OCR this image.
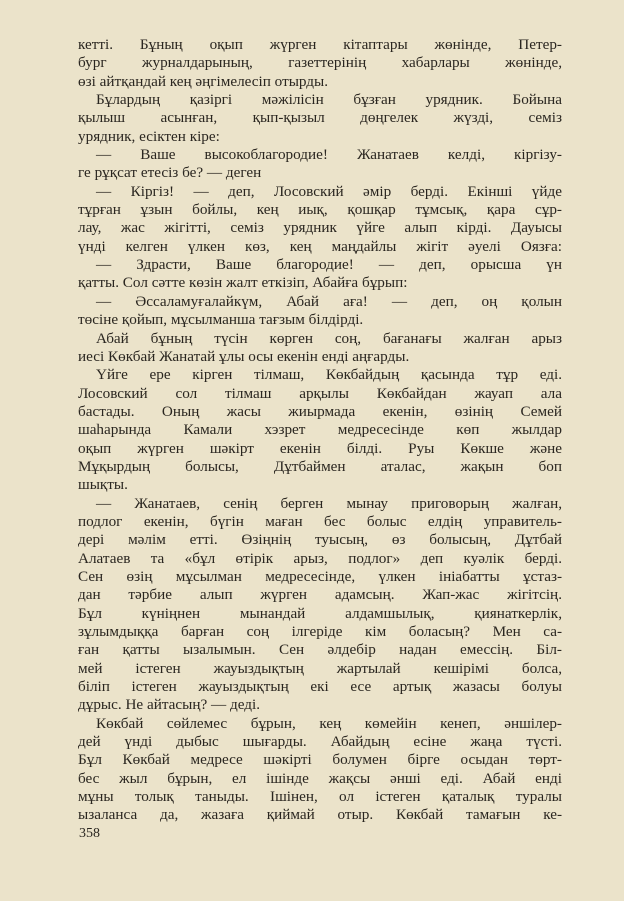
кетті. Бұның оқып жүрген кітаптары жөнінде, Петер-
бург журналдарының, газеттерінің хабарлары жөнінде,
өзі айтқандай кең әңгімелесіп отырды.
Бұлардың қазіргі мәжілісін бұзған урядник. Бойына
қылыш асынған, қып-қызыл дөңгелек жүзді, семіз
урядник, есіктен кіре:
— Ваше высокоблагородие! Жанатаев келді, кіргізу-
ге рұқсат етесіз бе? — деген
— Кіргіз! — деп, Лосовский әмір берді. Екінші үйде
тұрған ұзын бойлы, кең иық, қошқар тұмсық, қара сұр-
лау, жас жігітті, семіз урядник үйге алып кірді. Дауысы
үнді келген үлкен көз, кең маңдайлы жігіт әуелі Оязға:
— Здрасти, Ваше благородие! — деп, орысша үн
қатты. Сол сәтте көзін жалт еткізіп, Абайға бұрып:
— Әссаламуғалайкүм, Абай аға! — деп, оң қолын
төсіне қойып, мұсылманша тағзым білдірді.
Абай бұның түсін көрген соң, бағанағы жалған арыз
иесі Көкбай Жанатай ұлы осы екенін енді аңғарды.
Үйге ерe кірген тілмаш, Көкбайдың қасында тұр еді.
Лосовский сол тілмаш арқылы Көкбайдан жауап ала
бастады. Оның жасы жиырмада екенін, өзінің Семей
шаһарында Камали хэзрет медресесінде көп жылдар
оқып жүрген шәкірт екенін білді. Руы Көкше және
Мұқырдың болысы, Дұтбаймен аталас, жақын боп
шықты.
— Жанатаев, сенің берген мынау приговорың жалған,
подлог екенін, бүгін маған бес болыс елдің управитель-
дері мәлім етті. Өзіңнің туысың, өз болысың, Дұтбай
Алатаев та «бұл өтірік арыз, подлог» деп куәлік берді.
Сен өзің мұсылман медресесінде, үлкен ініабатты ұстаз-
дан тәрбие алып жүрген адамсың. Жап-жас жігітсің.
Бұл күніңнен мынандай алдамшылық, қиянаткерлік,
зұлымдыққа барған соң ілгеріде кім боласың? Мен са-
ған қатты ызалымын. Сен әлдебір надан емессің. Біл-
мей істеген жауыздықтың жартылай кешірімі болса,
біліп істеген жауыздықтың екі есе артық жазасы болуы
дұрыс. Не айтасың? — деді.
Көкбай сөйлемес бұрын, кең көмейін кенеп, әншілер-
дей үнді дыбыс шығарды. Абайдың есіне жаңа түсті.
Бұл Көкбай медресе шәкірті болумен бірге осыдан төрт-
бес жыл бұрын, ел ішінде жақсы әнші еді. Абай енді
мұны толық таныды. Ішінен, ол істеген қаталық туралы
ызаланса да, жазаға қиймай отыр. Көкбай тамағын ке-
358
